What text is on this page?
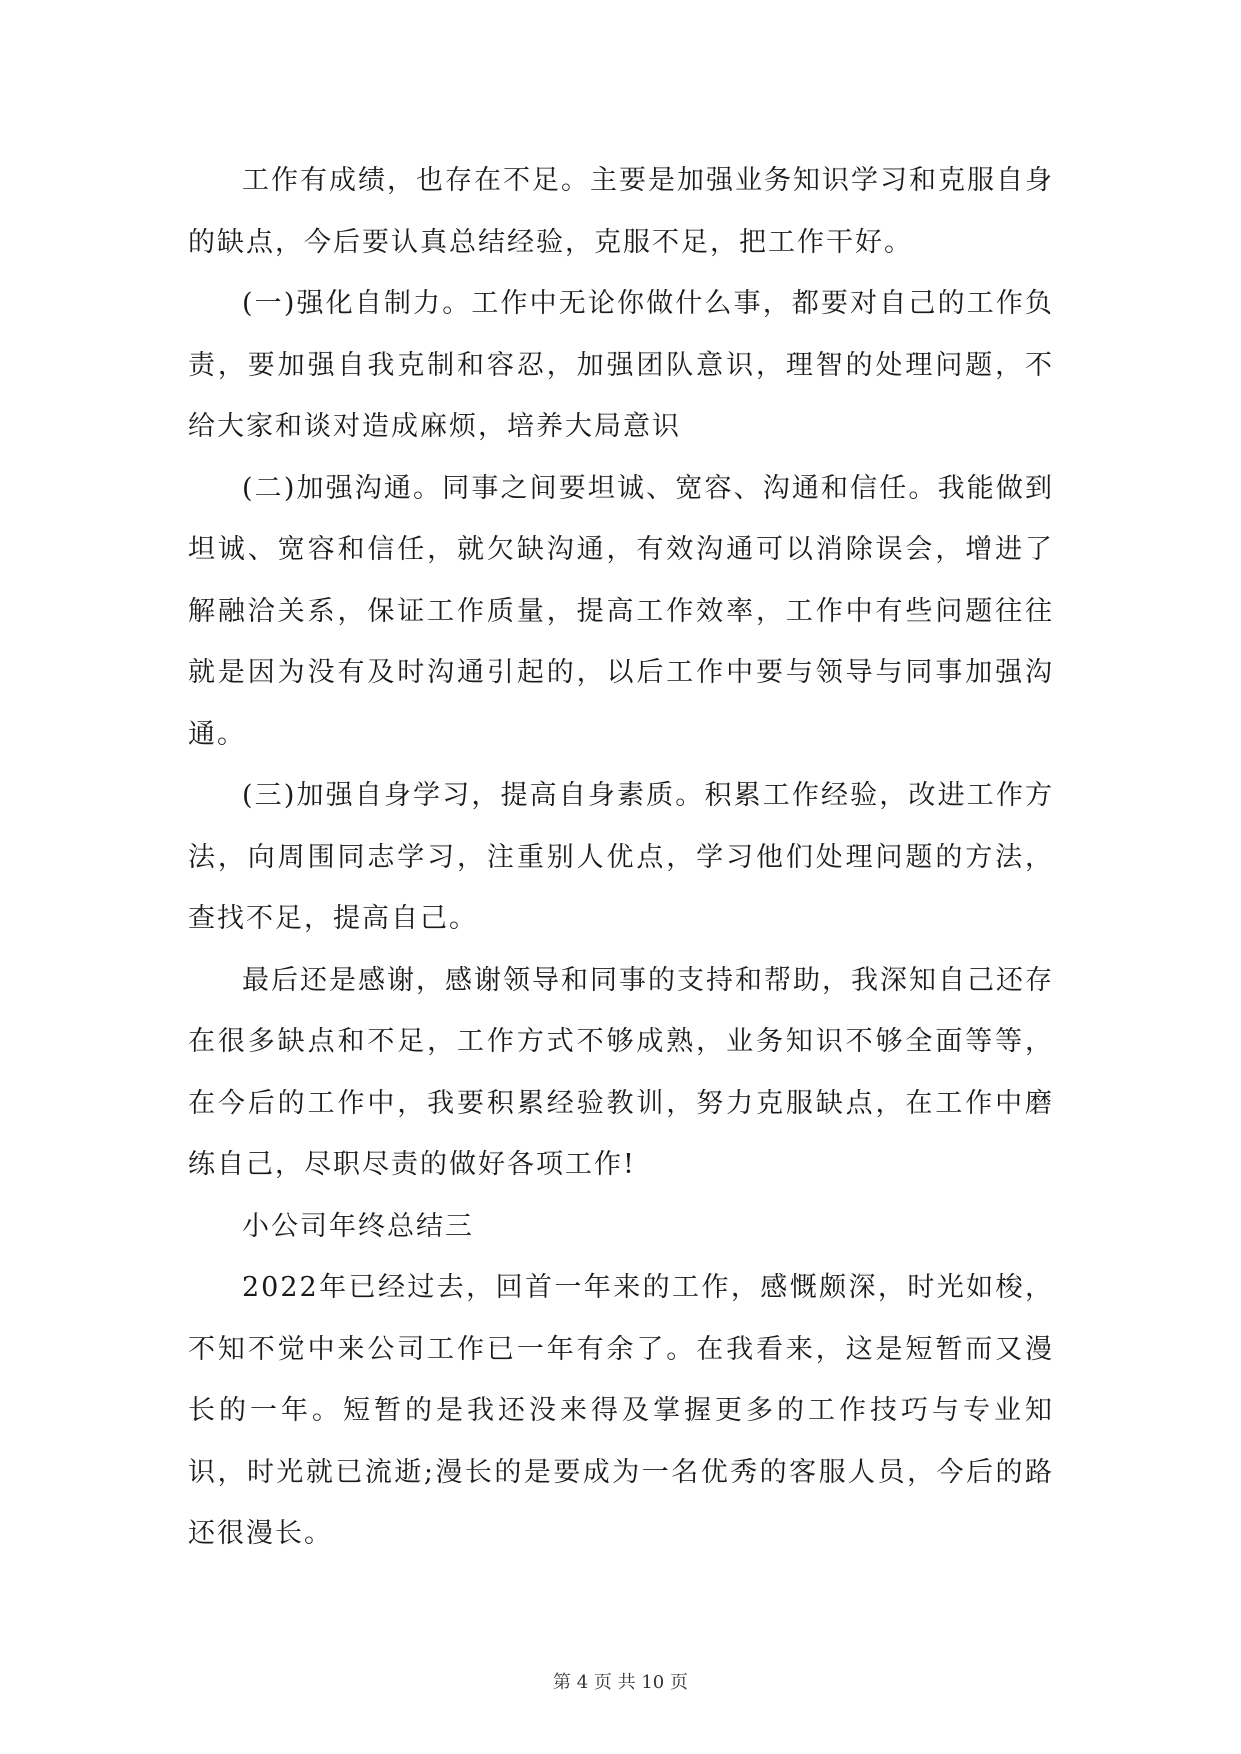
工作有成绩，也存在不足。主要是加强业务知识学习和克服自身的缺点，今后要认真总结经验，克服不足，把工作干好。

(一)强化自制力。工作中无论你做什么事，都要对自己的工作负责，要加强自我克制和容忍，加强团队意识，理智的处理问题，不给大家和谈对造成麻烦，培养大局意识

(二)加强沟通。同事之间要坦诚、宽容、沟通和信任。我能做到坦诚、宽容和信任，就欠缺沟通，有效沟通可以消除误会，增进了解融洽关系，保证工作质量，提高工作效率，工作中有些问题往往就是因为没有及时沟通引起的，以后工作中要与领导与同事加强沟通。

(三)加强自身学习，提高自身素质。积累工作经验，改进工作方法，向周围同志学习，注重别人优点，学习他们处理问题的方法，查找不足，提高自己。

最后还是感谢，感谢领导和同事的支持和帮助，我深知自己还存在很多缺点和不足，工作方式不够成熟，业务知识不够全面等等，在今后的工作中，我要积累经验教训，努力克服缺点，在工作中磨练自己，尽职尽责的做好各项工作!

小公司年终总结三

2022年已经过去，回首一年来的工作，感慨颇深，时光如梭，不知不觉中来公司工作已一年有余了。在我看来，这是短暂而又漫长的一年。短暂的是我还没来得及掌握更多的工作技巧与专业知识，时光就已流逝;漫长的是要成为一名优秀的客服人员，今后的路还很漫长。

第 4 页 共 10 页
